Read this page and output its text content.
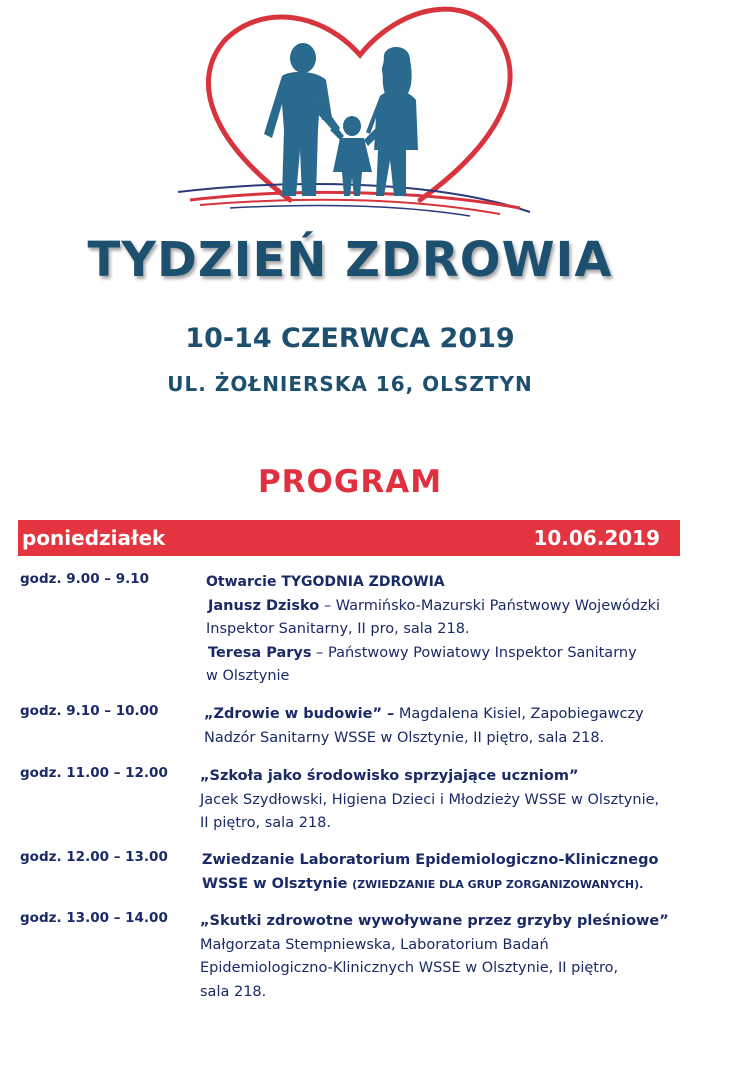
TYDZIEŃ ZDROWIA
10-14 CZERWCA 2019
UL. ŻOŁNIERSKA 16, OLSZTYN
PROGRAM
poniedziałek	10.06.2019
godz. 9.00 – 9.10	Otwarcie TYGODNIA ZDROWIA
Janusz Dzisko – Warmińsko-Mazurski Państwowy Wojewódzki
Inspektor Sanitarny, II pro, sala 218.
Teresa Parys – Państwowy Powiatowy Inspektor Sanitarny
w Olsztynie
godz. 9.10 – 10.00	„Zdrowie w budowie” – Magdalena Kisiel, Zapobiegawczy
Nadzór Sanitarny WSSE w Olsztynie, II piętro, sala 218.
godz. 11.00 – 12.00 „Szkoła jako środowisko sprzyjające uczniom”
Jacek Szydłowski, Higiena Dzieci i Młodzieży WSSE w Olsztynie,
II piętro, sala 218.
godz. 12.00 – 13.00 Zwiedzanie Laboratorium Epidemiologiczno-Klinicznego
WSSE w Olsztynie (ZWIEDZANIE DLA GRUP ZORGANIZOWANYCH).
godz. 13.00 – 14.00 „Skutki zdrowotne wywoływane przez grzyby pleśniowe”
Małgorzata Stempniewska, Laboratorium Badań
Epidemiologiczno-Klinicznych WSSE w Olsztynie, II piętro,
sala 218.
